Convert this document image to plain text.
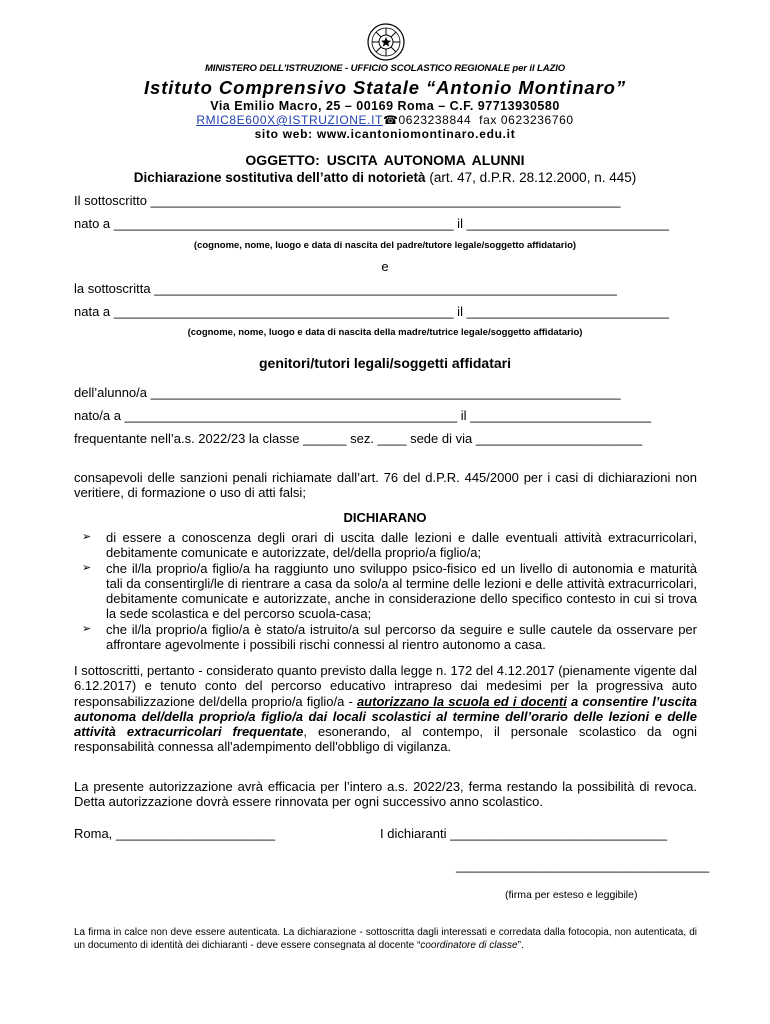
MINISTERO DELL'ISTRUZIONE - UFFICIO SCOLASTICO REGIONALE per il LAZIO
Istituto Comprensivo Statale “Antonio Montinaro”
Via Emilio Macro, 25 – 00169 Roma – C.F. 97713930580
RMIC8E600X@ISTRUZIONE.IT☎0623238844 fax 0623236760
sito web: www.icantoniomontinaro.edu.it
OGGETTO: USCITA AUTONOMA ALUNNI
Dichiarazione sostitutiva dell’atto di notorietà (art. 47, d.P.R. 28.12.2000, n. 445)
Il sottoscritto _________________________________________________________________
nato a _______________________________________________ il ____________________________
(cognome, nome, luogo e data di nascita del padre/tutore legale/soggetto affidatario)
e
la sottoscritta ________________________________________________________________
nata a _______________________________________________ il ____________________________
(cognome, nome, luogo e data di nascita della madre/tutrice legale/soggetto affidatario)
genitori/tutori legali/soggetti affidatari
dell’alunno/a _________________________________________________________________
nato/a a ______________________________________________ il _________________________
frequentante nell’a.s. 2022/23 la classe ______ sez. ____ sede di via _______________________
consapevoli delle sanzioni penali richiamate dall’art. 76 del d.P.R. 445/2000 per i casi di dichiarazioni non veritiere, di formazione o uso di atti falsi;
DICHIARANO
➢ di essere a conoscenza degli orari di uscita dalle lezioni e dalle eventuali attività extracurricolari, debitamente comunicate e autorizzate, del/della proprio/a figlio/a;
➢ che il/la proprio/a figlio/a ha raggiunto uno sviluppo psico-fisico ed un livello di autonomia e maturità tali da consentirgli/le di rientrare a casa da solo/a al termine delle lezioni e delle attività extracurricolari, debitamente comunicate e autorizzate, anche in considerazione dello specifico contesto in cui si trova la sede scolastica e del percorso scuola-casa;
➢ che il/la proprio/a figlio/a è stato/a istruito/a sul percorso da seguire e sulle cautele da osservare per affrontare agevolmente i possibili rischi connessi al rientro autonomo a casa.
I sottoscritti, pertanto - considerato quanto previsto dalla legge n. 172 del 4.12.2017 (pienamente vigente dal 6.12.2017) e tenuto conto del percorso educativo intrapreso dai medesimi per la progressiva auto responsabilizzazione del/della proprio/a figlio/a - autorizzano la scuola ed i docenti a consentire l’uscita autonoma del/della proprio/a figlio/a dai locali scolastici al termine dell’orario delle lezioni e delle attività extracurricolari frequentate, esonerando, al contempo, il personale scolastico da ogni responsabilità connessa all'adempimento dell'obbligo di vigilanza.
La presente autorizzazione avrà efficacia per l’intero a.s. 2022/23, ferma restando la possibilità di revoca. Detta autorizzazione dovrà essere rinnovata per ogni successivo anno scolastico.
Roma, ______________________	I dichiaranti ______________________________
___________________________________
(firma per esteso e leggibile)
La firma in calce non deve essere autenticata. La dichiarazione - sottoscritta dagli interessati e corredata dalla fotocopia, non autenticata, di un documento di identità dei dichiaranti - deve essere consegnata al docente “coordinatore di classe”.
